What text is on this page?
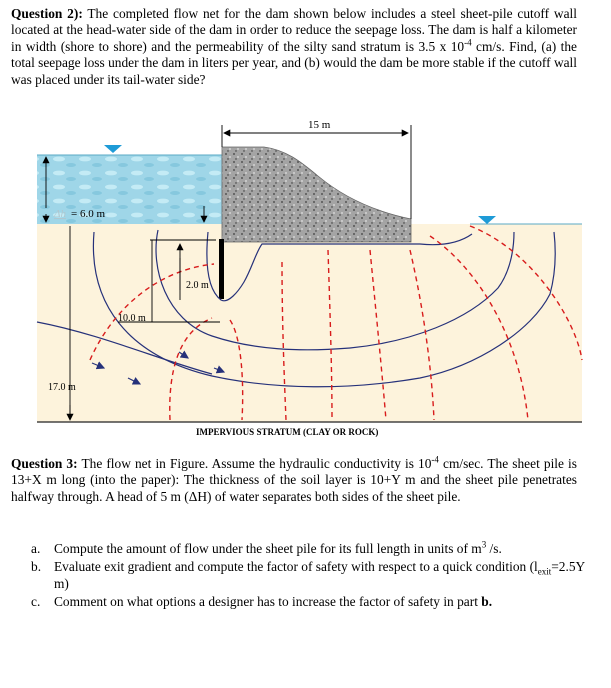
Question 2): The completed flow net for the dam shown below includes a steel sheet-pile cutoff wall located at the head-water side of the dam in order to reduce the seepage loss. The dam is half a kilometer in width (shore to shore) and the permeability of the silty sand stratum is 3.5 x $10^{-4}$ cm/s. Find, (a) the total seepage loss under the dam in liters per year, and (b) would the dam be more stable if the cutoff wall was placed under its tail-water side?
15 m
Δh = 6.0 m
2.0 m
10.0 m
17.0 m
IMPERVIOUS STRATUM (CLAY OR ROCK)
Question 3: The flow net in Figure. Assume the hydraulic conductivity is $10^{-4}$ cm/sec. The sheet pile is 13+X m long (into the paper): The thickness of the soil layer is 10+Y m and the sheet pile penetrates halfway through. A head of 5 m (ΔH) of water separates both sides of the sheet pile.
a. Compute the amount of flow under the sheet pile for its full length in units of $m^3$ /s.
b. Evaluate exit gradient and compute the factor of safety with respect to a quick condition ($l_{exit}=2.5Y$ m)
c. Comment on what options a designer has to increase the factor of safety in part b.
